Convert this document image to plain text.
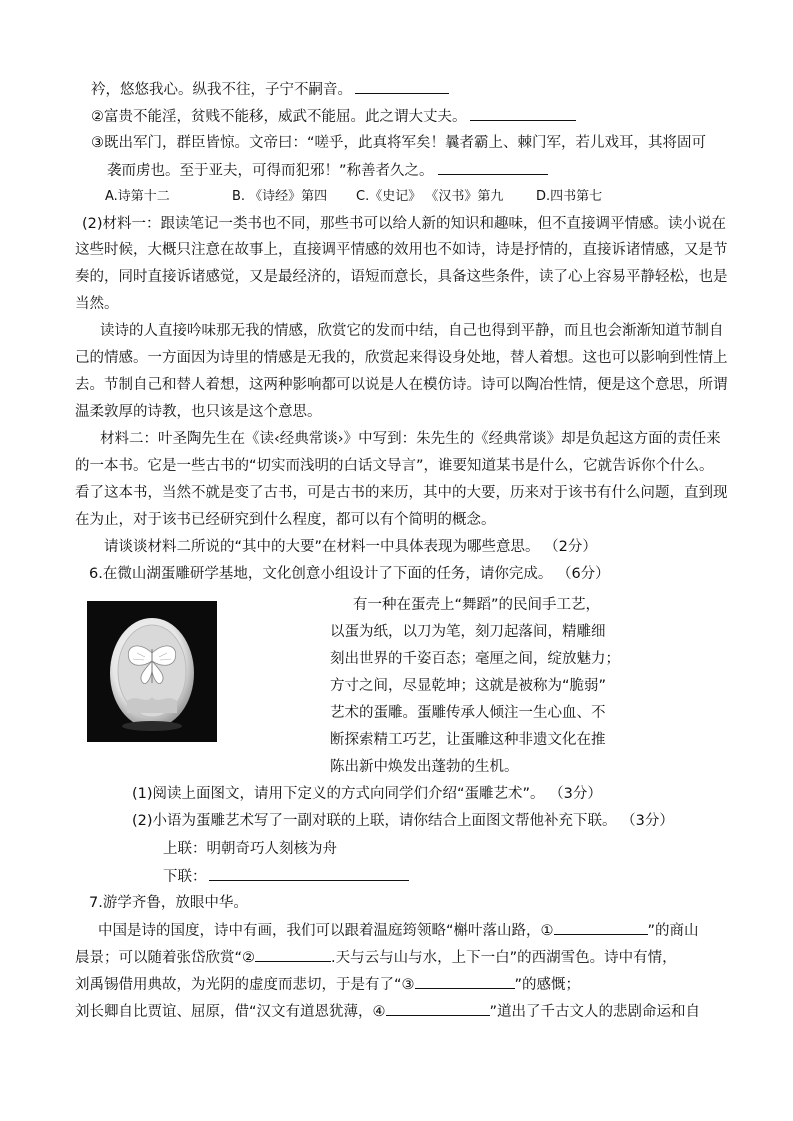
衿，悠悠我心。纵我不往，子宁不嗣音。
②富贵不能淫，贫贱不能移，威武不能屈。此之谓大丈夫。
③既出军门，群臣皆惊。文帝曰：“嗟乎，此真将军矣！曩者霸上、棘门军，若儿戏耳，其将固可
袭而虏也。至于亚夫，可得而犯邪！”称善者久之。
A.诗第十二	B. 《诗经》第四 C.《史记》 《汉书》第九	D.四书第七
(2)材料一：跟读笔记一类书也不同，那些书可以给人新的知识和趣味，但不直接调平情感。读小说在
这些时候，大概只注意在故事上，直接调平情感的效用也不如诗，诗是抒情的，直接诉诸情感，又是节
奏的，同时直接诉诸感觉，又是最经济的，语短而意长，具备这些条件，读了心上容易平静轻松，也是
当然。
读诗的人直接吟味那无我的情感，欣赏它的发而中结，自己也得到平静，而且也会渐渐知道节制自
己的情感。一方面因为诗里的情感是无我的，欣赏起来得设身处地，替人着想。这也可以影响到性情上
去。节制自己和替人着想，这两种影响都可以说是人在模仿诗。诗可以陶冶性情，便是这个意思，所谓
温柔敦厚的诗教，也只该是这个意思。
材料二：叶圣陶先生在《读‹经典常谈›》中写到：朱先生的《经典常谈》却是负起这方面的责任来
的一本书。它是一些古书的“切实而浅明的白话文导言”，谁要知道某书是什么，它就告诉你个什么。
看了这本书，当然不就是变了古书，可是古书的来历，其中的大要，历来对于该书有什么问题，直到现
在为止，对于该书已经研究到什么程度，都可以有个简明的概念。
请谈谈材料二所说的“其中的大要”在材料一中具体表现为哪些意思。 （2分）
6.在微山湖蛋雕研学基地，文化创意小组设计了下面的任务，请你完成。 （6分）
有一种在蛋壳上“舞蹈”的民间手工艺，
以蛋为纸，以刀为笔，刻刀起落间，精雕细
刻出世界的千姿百态；毫厘之间，绽放魅力；
方寸之间，尽显乾坤；这就是被称为“脆弱”
艺术的蛋雕。蛋雕传承人倾注一生心血、不
断探索精工巧艺，让蛋雕这种非遗文化在推
陈出新中焕发出蓬勃的生机。
(1)阅读上面图文，请用下定义的方式向同学们介绍“蛋雕艺术”。 （3分）
(2)小语为蛋雕艺术写了一副对联的上联，请你结合上面图文帮他补充下联。 （3分）
上联：明朝奇巧人刻核为舟
下联：
7.游学齐鲁，放眼中华。
中国是诗的国度，诗中有画，我们可以跟着温庭筠领略“槲叶落山路，①	”的商山
晨景；可以随着张岱欣赏“②	.天与云与山与水，上下一白”的西湖雪色。诗中有情，
刘禹锡借用典故，为光阴的虚度而悲切，于是有了“③	”的感慨；
刘长卿自比贾谊、屈原，借“汉文有道恩犹薄，④	”道出了千古文人的悲剧命运和自
